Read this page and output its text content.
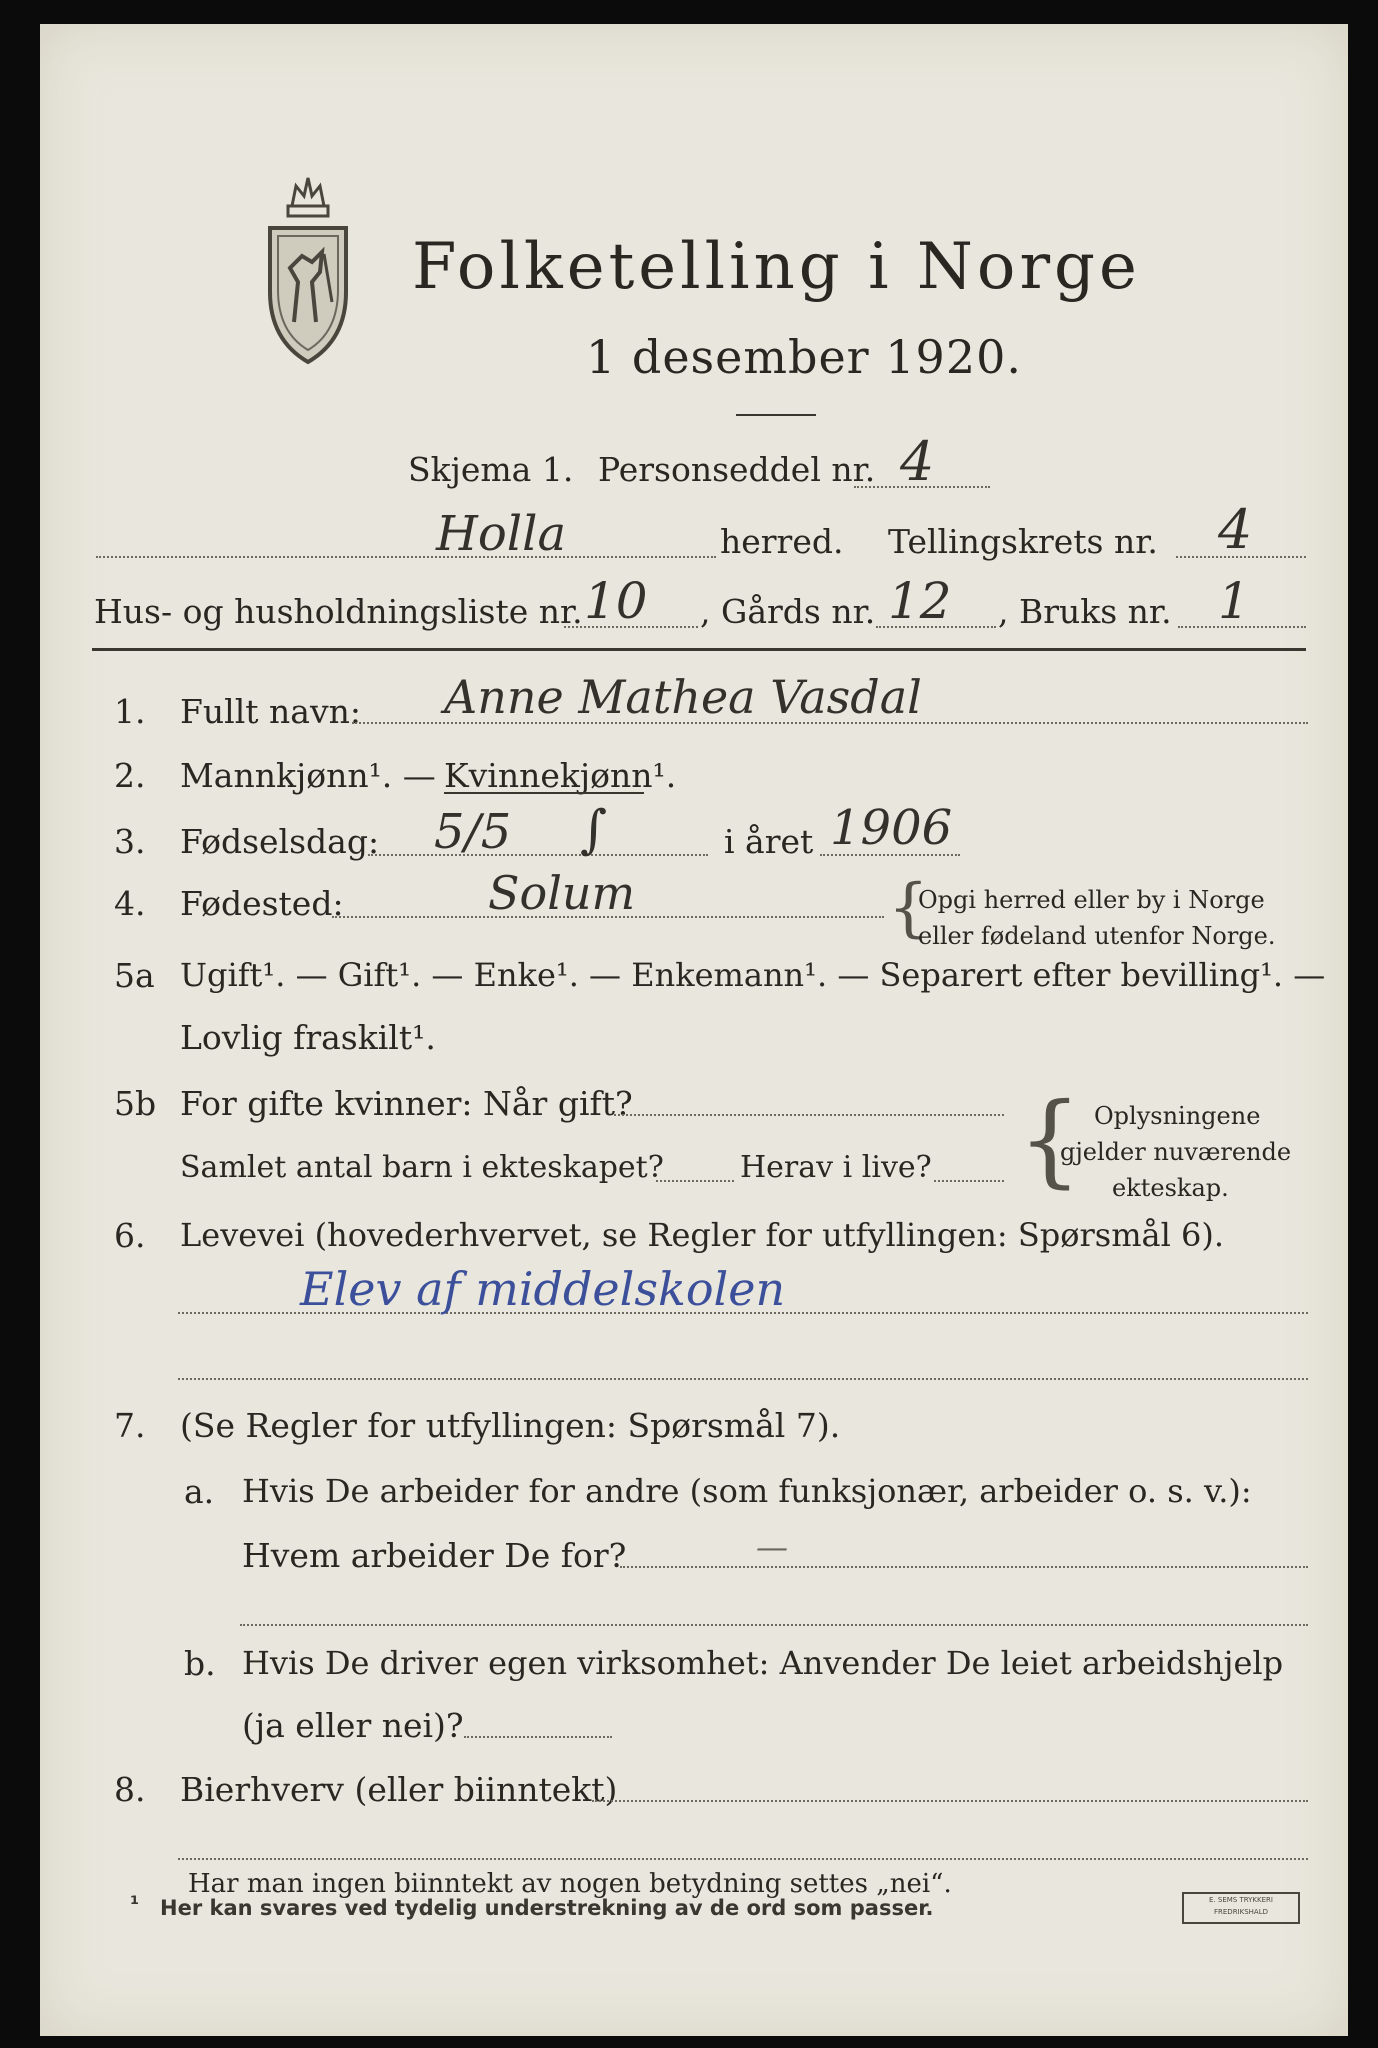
Folketelling i Norge
1 desember 1920.
Skjema 1. Personseddel nr. 4
Holla	herred. Tellingskrets nr. 4
Hus- og husholdningsliste nr. 10 , Gårds nr. 12 , Bruks nr. 1
1. Fullt navn: Anne Mathea Vasdal
2. Mannkjønn¹. — Kvinnekjønn¹.
3. Fødselsdag: 5/5 ∫	i året 1906
4. Fødested:	Solum	{
Opgi herred eller by i Norge
eller fødeland utenfor Norge.
5a Ugift¹. — Gift¹. — Enke¹. — Enkemann¹. — Separert efter bevilling¹. —
Lovlig fraskilt¹.
5b For gifte kvinner: Når gift?
Samlet antal barn i ekteskapet?	Herav i live? { Oplysningene
gjelder nuværende
ekteskap.
6. Levevei (hovederhvervet, se Regler for utfyllingen: Spørsmål 6).
Elev af middelskolen
7. (Se Regler for utfyllingen: Spørsmål 7).
a. Hvis De arbeider for andre (som funksjonær, arbeider o. s. v.):
Hvem arbeider De for?	—
b. Hvis De driver egen virksomhet: Anvender De leiet arbeidshjelp
(ja eller nei)?
8. Bierhverv (eller biinntekt)
Har man ingen biinntekt av nogen betydning settes „nei“.
¹ Her kan svares ved tydelig understrekning av de ord som passer.	E. SEMS TRYKKERI FREDRIKSHALD
